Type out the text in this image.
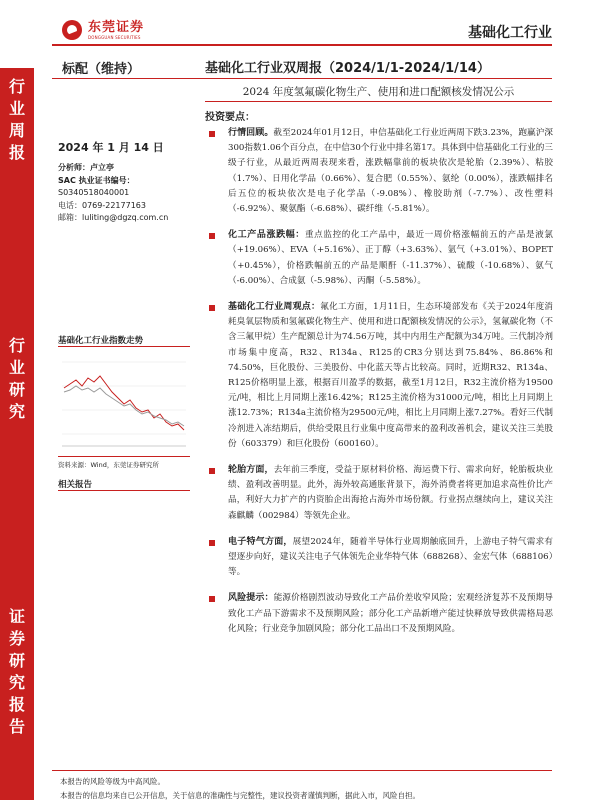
东莞证券
DONGGUAN SECURITIES	基础化工行业
行
业
周
报
行
业
研
究
证
券
研
究
报
告
标配（维持）	基础化工行业双周报（2024/1/1-2024/1/14）
2024 年度氢氟碳化物生产、使用和进口配额核发情况公示
2024 年 1 月 14 日
分析师：卢立亭
SAC 执业证书编号：
S0340518040001
电话：0769-22177163
邮箱：luliting@dgzq.com.cn
基础化工行业指数走势
资料来源：Wind，东莞证券研究所
相关报告
投资要点：
行情回顾。截至2024年01月12日，申信基础化工行业近两周下跌3.23%，跑赢沪深300指数1.06个百分点，在中信30个行业中排名第17。具体到中信基础化工行业的三级子行业，从最近两周表现来看，涨跌幅靠前的板块依次是轮胎（2.39%）、粘胶（1.7%）、日用化学品（0.66%）、复合肥（0.55%）、氨纶（0.00%），涨跌幅排名后五位的板块依次是电子化学品（-9.08%）、橡胶助剂（-7.7%）、改性塑料（-6.92%）、聚氨酯（-6.68%）、碳纤维（-5.81%）。
化工产品涨跌幅：重点监控的化工产品中，最近一周价格涨幅前五的产品是液氯（+19.06%）、EVA（+5.16%）、正丁醇（+3.63%）、氩气（+3.01%）、BOPET（+0.45%），价格跌幅前五的产品是顺酐（-11.37%）、硫酸（-10.68%）、氨气（-6.00%）、合成氨（-5.98%）、丙酮（-5.58%）。
基础化工行业周观点：氟化工方面，1月11日，生态环境部发布《关于2024年度消耗臭氧层物质和氢氟碳化物生产、使用和进口配额核发情况的公示》，氢氟碳化物（不含三氟甲烷）生产配额总计为74.56万吨，其中内用生产配额为34万吨。三代制冷剂市场集中度高，R32、R134a、R125的CR3分别达到75.84%、86.86%和74.50%，巨化股份、三美股份、中化蓝天等占比较高。同时，近期R32、R134a、R125价格明显上涨，根据百川盈孚的数据，截至1月12日，R32主流价格为19500元/吨，相比上月同期上涨16.42%；R125主流价格为31000元/吨，相比上月同期上涨12.73%；R134a主流价格为29500元/吨，相比上月同期上涨7.27%。看好三代制冷剂进入冻结期后，供给受限且行业集中度高带来的盈利改善机会，建议关注三美股份（603379）和巨化股份（600160）。
轮胎方面，去年前三季度，受益于原材料价格、海运费下行、需求向好，轮胎板块业绩、盈利改善明显。此外，海外较高通胀背景下，海外消费者将更加追求高性价比产品，利好大力扩产的内资胎企出海抢占海外市场份额。行业拐点继续向上，建议关注森麒麟（002984）等领先企业。
电子特气方面，展望2024年，随着半导体行业周期触底回升，上游电子特气需求有望逐步向好，建议关注电子气体领先企业华特气体（688268）、金宏气体（688106）等。
风险提示：能源价格剧烈波动导致化工产品价差收窄风险；宏观经济复苏不及预期导致化工产品下游需求不及预期风险；部分化工产品新增产能过快释放导致供需格局恶化风险；行业竞争加剧风险；部分化工品出口不及预期风险。
本报告的风险等级为中高风险。
本报告的信息均来自已公开信息，关于信息的准确性与完整性，建议投资者谨慎判断，据此入市，风险自担。
